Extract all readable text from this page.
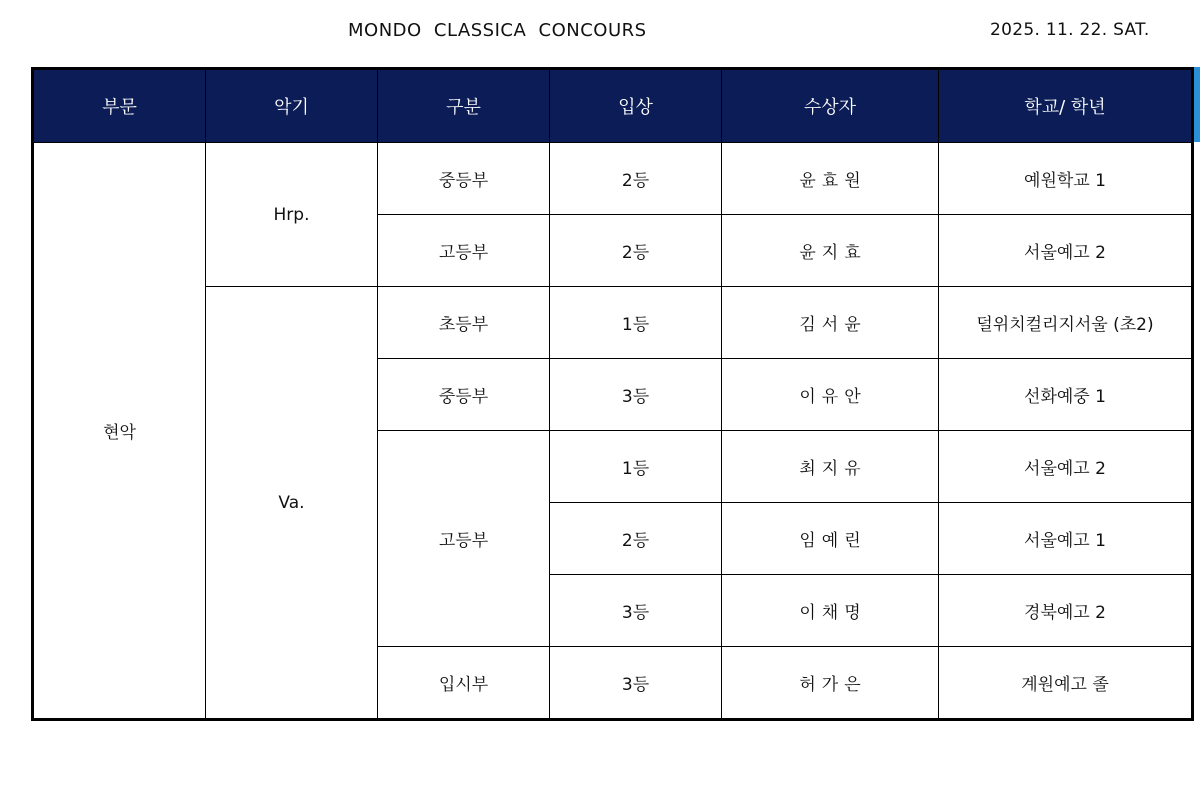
MONDO CLASSICA CONCOURS	2025. 11. 22. SAT.
부문	악기	구분	입상	수상자	학교/ 학년
현악	Hrp.	중등부	2등	윤효원	예원학교 1
		고등부	2등	윤지효	서울예고 2
	Va.	초등부	1등	김서윤	덜위치컬리지서울 (초2)
		중등부	3등	이유안	선화예중 1
		고등부	1등	최지유	서울예고 2
			2등	임예린	서울예고 1
			3등	이채명	경북예고 2
		입시부	3등	허가은	계원예고 졸
